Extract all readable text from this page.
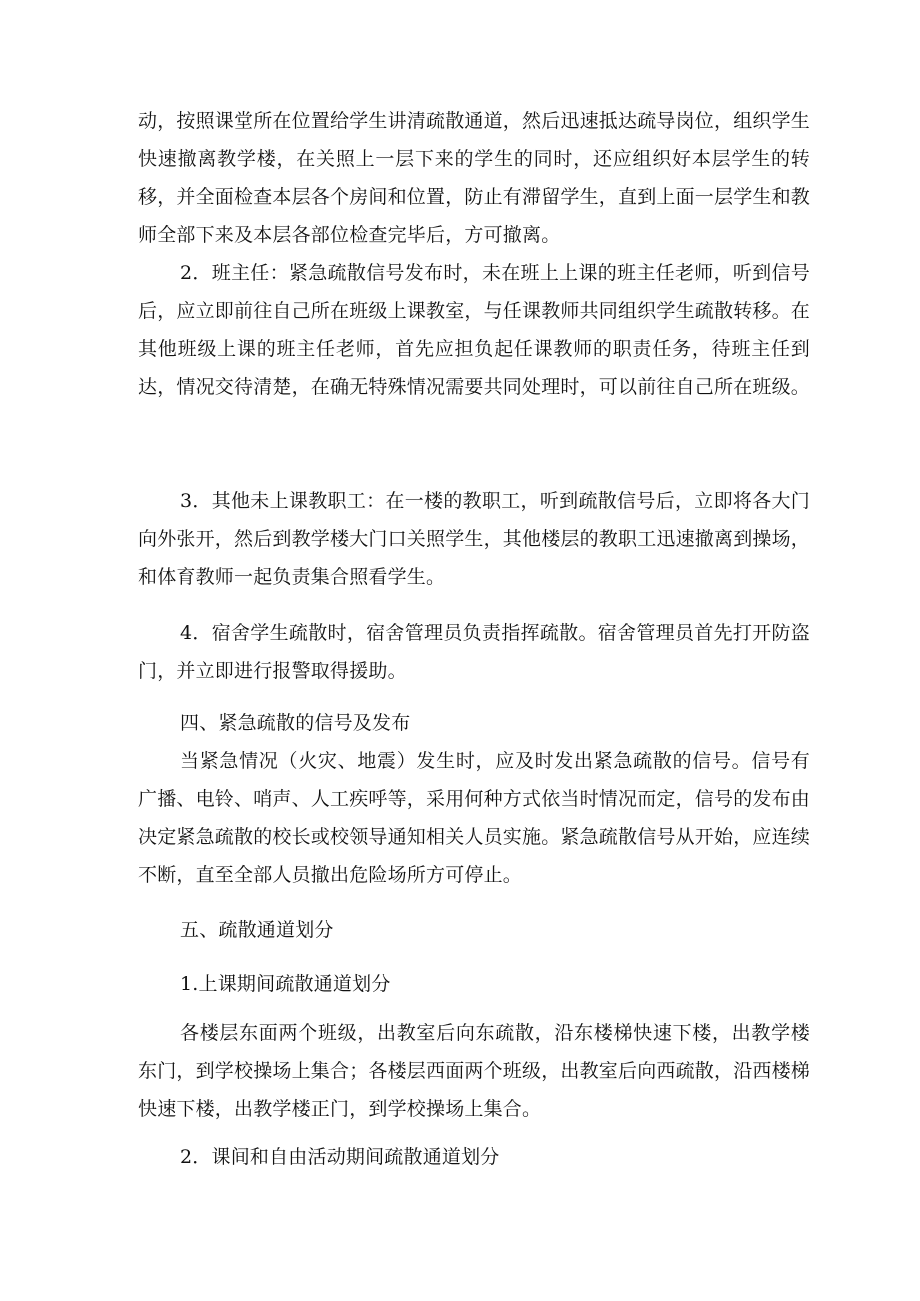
动，按照课堂所在位置给学生讲清疏散通道，然后迅速抵达疏导岗位，组织学生快速撤离教学楼，在关照上一层下来的学生的同时，还应组织好本层学生的转移，并全面检查本层各个房间和位置，防止有滞留学生，直到上面一层学生和教师全部下来及本层各部位检查完毕后，方可撤离。

2．班主任：紧急疏散信号发布时，未在班上上课的班主任老师，听到信号后，应立即前往自己所在班级上课教室，与任课教师共同组织学生疏散转移。在其他班级上课的班主任老师，首先应担负起任课教师的职责任务，待班主任到达，情况交待清楚，在确无特殊情况需要共同处理时，可以前往自己所在班级。

3．其他未上课教职工：在一楼的教职工，听到疏散信号后，立即将各大门向外张开，然后到教学楼大门口关照学生，其他楼层的教职工迅速撤离到操场，和体育教师一起负责集合照看学生。

4．宿舍学生疏散时，宿舍管理员负责指挥疏散。宿舍管理员首先打开防盗门，并立即进行报警取得援助。

四、紧急疏散的信号及发布

当紧急情况（火灾、地震）发生时，应及时发出紧急疏散的信号。信号有广播、电铃、哨声、人工疾呼等，采用何种方式依当时情况而定，信号的发布由决定紧急疏散的校长或校领导通知相关人员实施。紧急疏散信号从开始，应连续不断，直至全部人员撤出危险场所方可停止。

五、疏散通道划分

1.上课期间疏散通道划分

各楼层东面两个班级，出教室后向东疏散，沿东楼梯快速下楼，出教学楼东门，到学校操场上集合；各楼层西面两个班级，出教室后向西疏散，沿西楼梯快速下楼，出教学楼正门，到学校操场上集合。

2．课间和自由活动期间疏散通道划分
